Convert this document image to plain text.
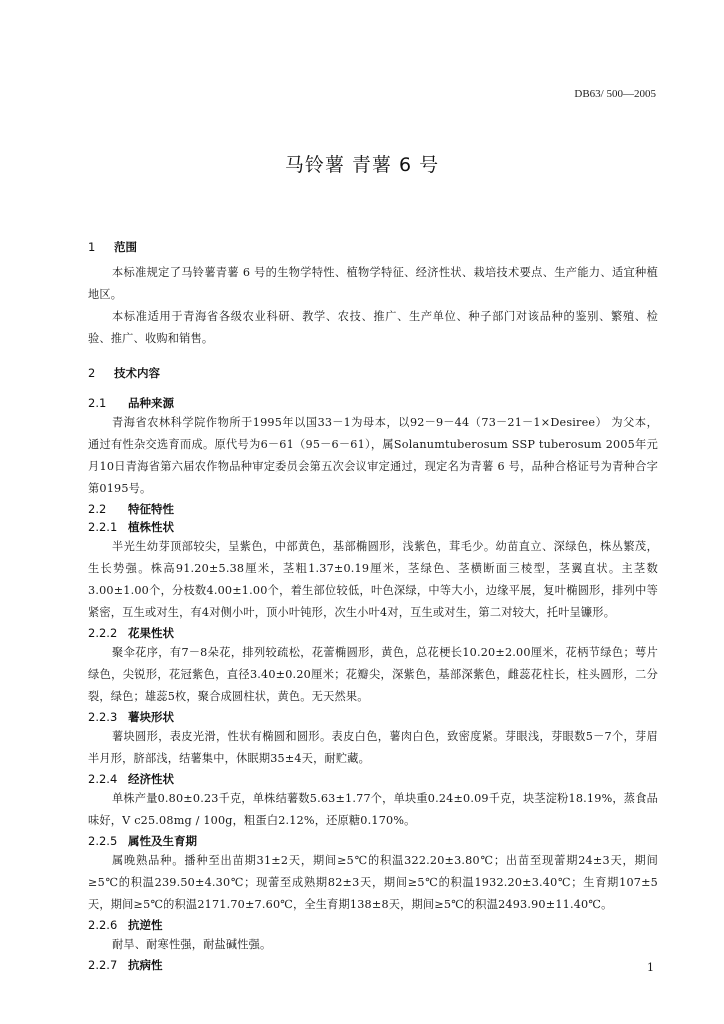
DB63/ 500—2005
马铃薯 青薯 6 号
1 范围

本标准规定了马铃薯青薯 6 号的生物学特性、植物学特征、经济性状、栽培技术要点、生产能力、适宜种植地区。

本标准适用于青海省各级农业科研、教学、农技、推广、生产单位、种子部门对该品种的鉴别、繁殖、检验、推广、收购和销售。

2 技术内容
2.1 品种来源

青海省农林科学院作物所于1995年以国33－1为母本，以92－9－44（73－21－1×Desiree） 为父本，通过有性杂交选育而成。原代号为6－61（95－6－61），属Solanumtuberosum SSP tuberosum 2005年元月10日青海省第六届农作物品种审定委员会第五次会议审定通过，现定名为青薯 6 号，品种合格证号为青种合字第0195号。

2.2 特征特性
2.2.1 植株性状

半光生幼芽顶部较尖，呈紫色，中部黄色，基部椭圆形，浅紫色，茸毛少。幼苗直立、深绿色，株丛繁茂，生长势强。株高91.20±5.38厘米，茎粗1.37±0.19厘米，茎绿色、茎横断面三棱型，茎翼直状。主茎数3.00±1.00个，分枝数4.00±1.00个，着生部位较低，叶色深绿，中等大小，边缘平展，复叶椭圆形，排列中等紧密，互生或对生，有4对侧小叶，顶小叶钝形，次生小叶4对，互生或对生，第二对较大，托叶呈镰形。

2.2.2 花果性状

聚伞花序，有7－8朵花，排列较疏松，花蕾椭圆形，黄色，总花梗长10.20±2.00厘米，花柄节绿色；萼片绿色，尖锐形，花冠紫色，直径3.40±0.20厘米；花瓣尖，深紫色，基部深紫色，雌蕊花柱长，柱头圆形，二分裂，绿色；雄蕊5枚，聚合成圆柱状，黄色。无天然果。

2.2.3 薯块形状

薯块圆形，表皮光滑，性状有椭圆和圆形。表皮白色，薯肉白色，致密度紧。芽眼浅，芽眼数5－7个，芽眉半月形，脐部浅，结薯集中，休眠期35±4天，耐贮藏。

2.2.4 经济性状

单株产量0.80±0.23千克，单株结薯数5.63±1.77个，单块重0.24±0.09千克，块茎淀粉18.19%，蒸食品味好，V c25.08mg / 100g，粗蛋白2.12%，还原糖0.170%。

2.2.5 属性及生育期

属晚熟品种。播种至出苗期31±2天，期间≥5℃的积温322.20±3.80℃；出苗至现蕾期24±3天，期间≥5℃的积温239.50±4.30℃；现蕾至成熟期82±3天，期间≥5℃的积温1932.20±3.40℃；生育期107±5天，期间≥5℃的积温2171.70±7.60℃，全生育期138±8天，期间≥5℃的积温2493.90±11.40℃。

2.2.6 抗逆性

耐旱、耐寒性强，耐盐碱性强。

2.2.7 抗病性	1
